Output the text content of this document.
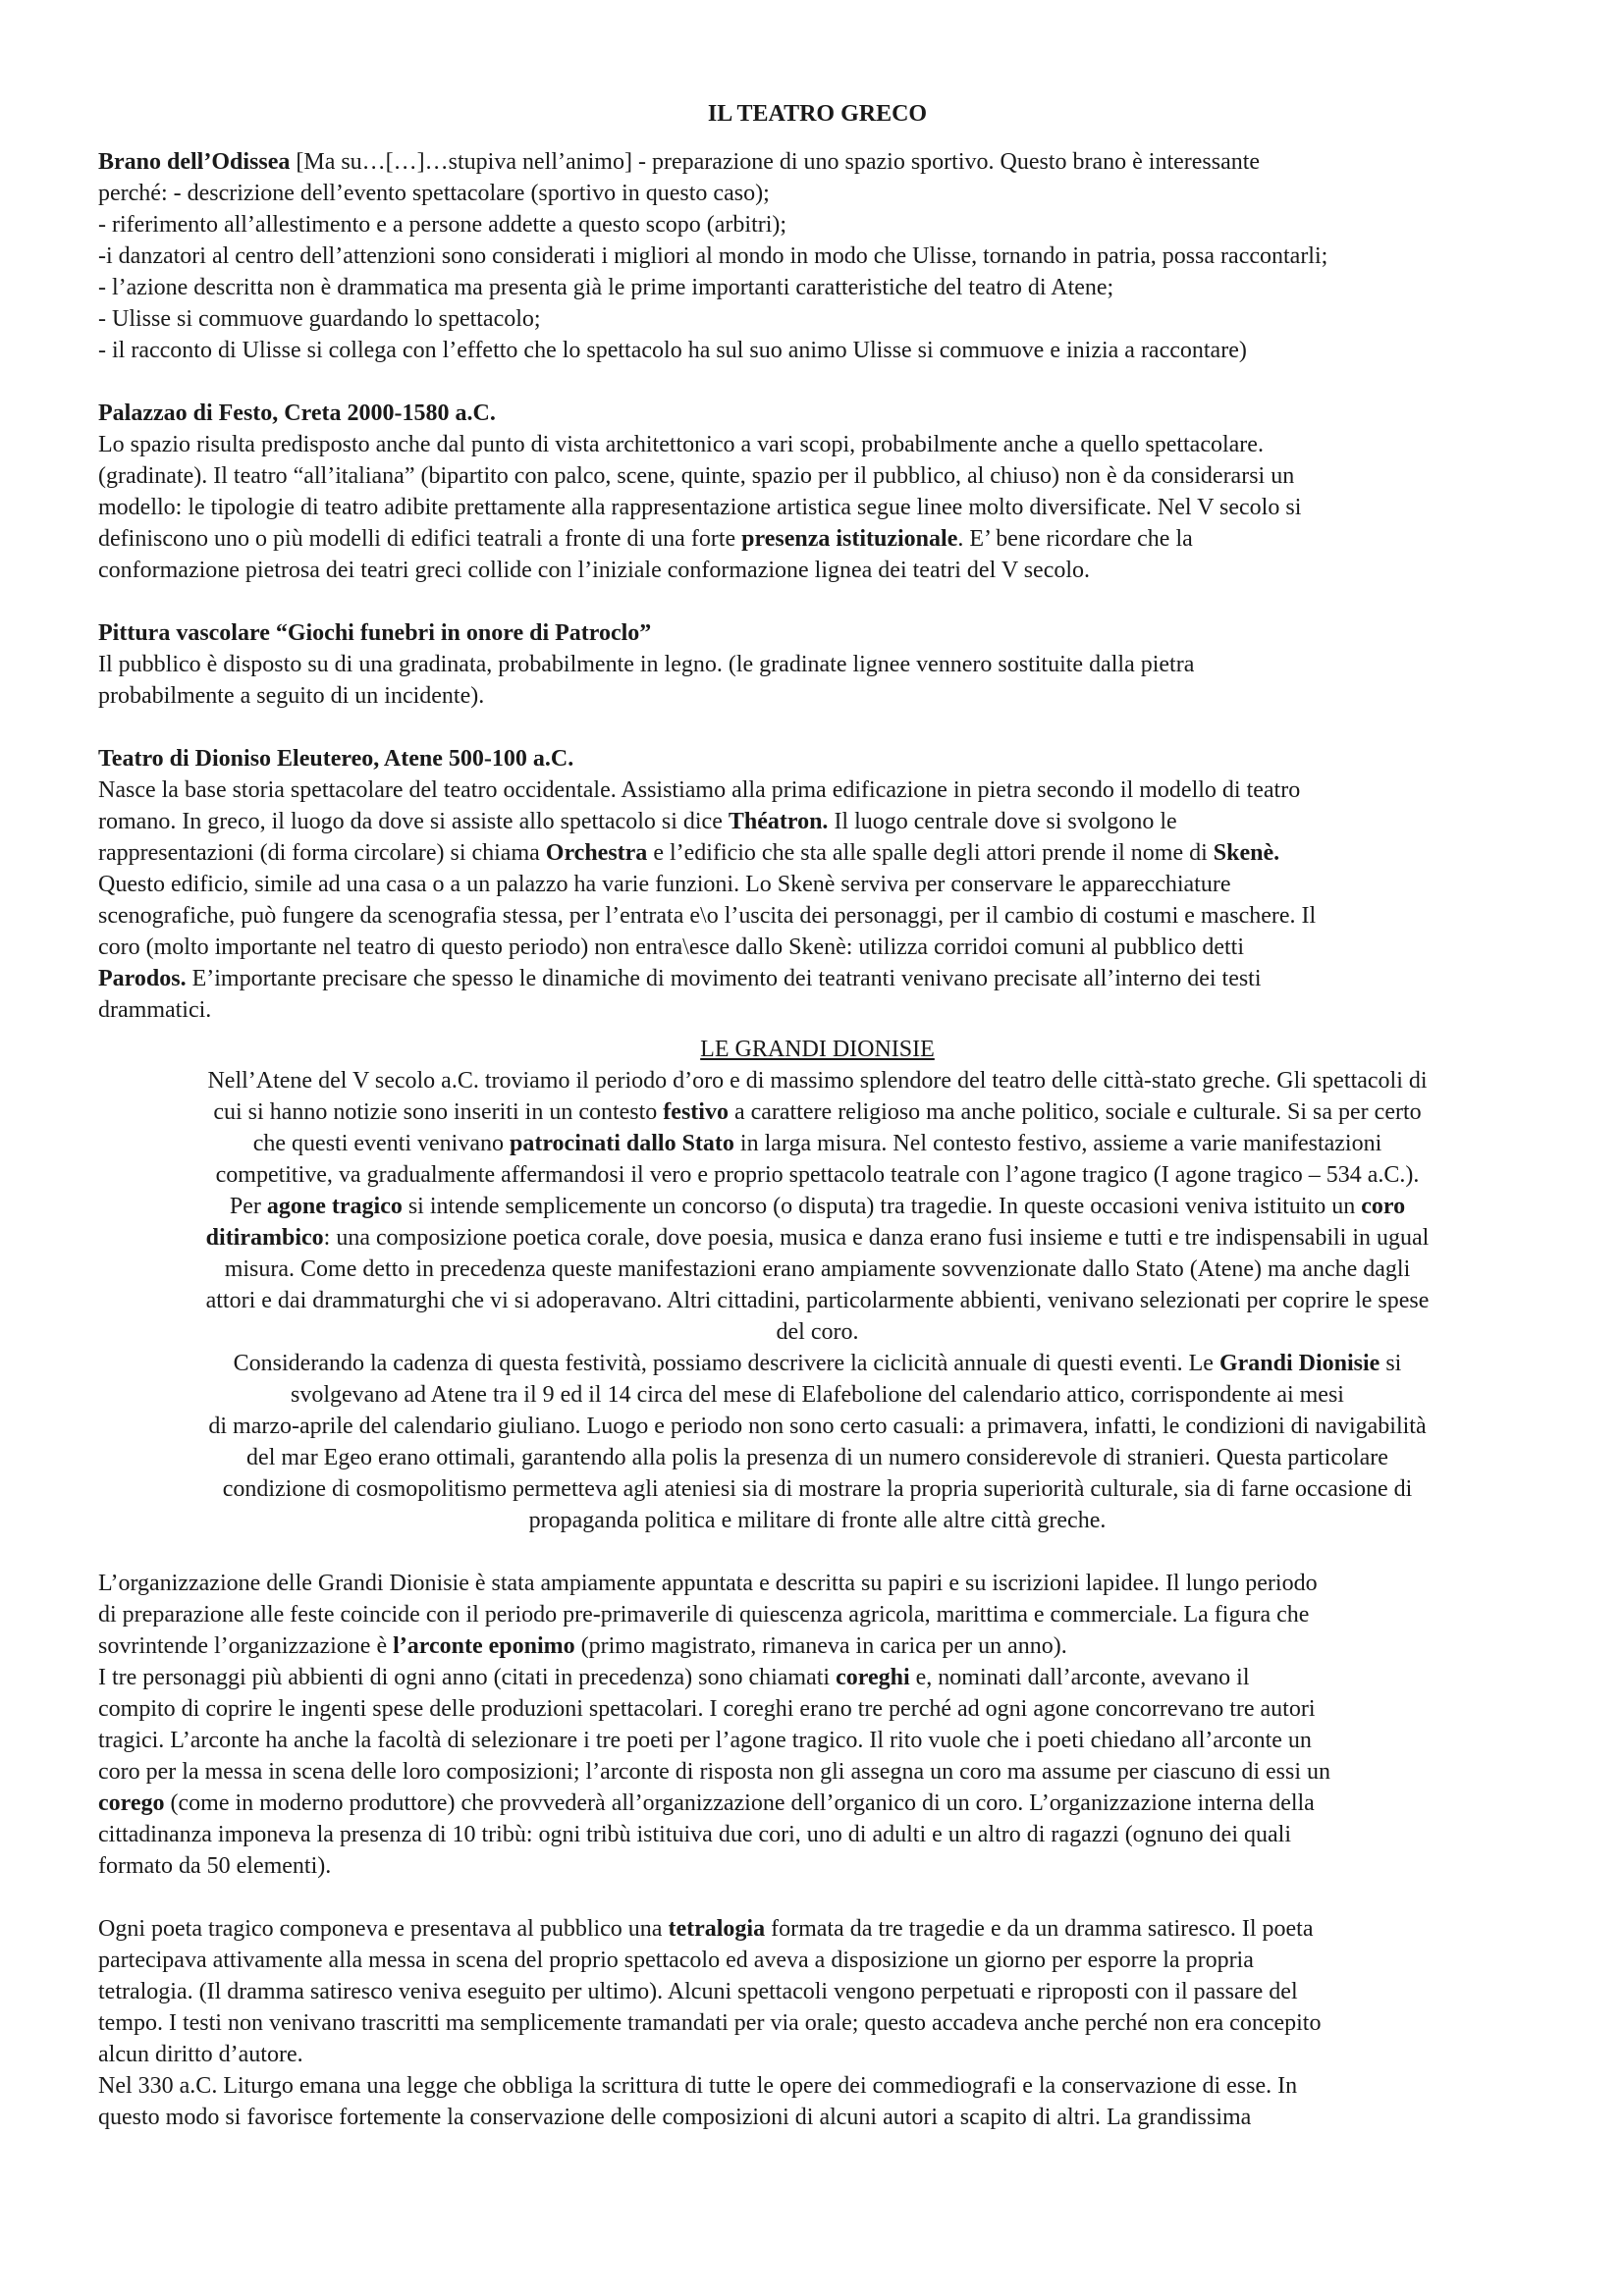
IL TEATRO GRECO

Brano dell’Odissea [Ma su…[…]…stupiva nell’animo] - preparazione di uno spazio sportivo. Questo brano è interessante

perché: - descrizione dell’evento spettacolare (sportivo in questo caso);

- riferimento all’allestimento e a persone addette a questo scopo (arbitri);

-i danzatori al centro dell’attenzioni sono considerati i migliori al mondo in modo che Ulisse, tornando in patria, possa raccontarli;

- l’azione descritta non è drammatica ma presenta già le prime importanti caratteristiche del teatro di Atene;

- Ulisse si commuove guardando lo spettacolo;

- il racconto di Ulisse si collega con l’effetto che lo spettacolo ha sul suo animo Ulisse si commuove e inizia a raccontare)

Palazzao di Festo, Creta 2000-1580 a.C.

Lo spazio risulta predisposto anche dal punto di vista architettonico a vari scopi, probabilmente anche a quello spettacolare.

(gradinate). Il teatro “all’italiana” (bipartito con palco, scene, quinte, spazio per il pubblico, al chiuso) non è da considerarsi un

modello: le tipologie di teatro adibite prettamente alla rappresentazione artistica segue linee molto diversificate. Nel V secolo si

definiscono uno o più modelli di edifici teatrali a fronte di una forte presenza istituzionale. E’ bene ricordare che la

conformazione pietrosa dei teatri greci collide con l’iniziale conformazione lignea dei teatri del V secolo.

Pittura vascolare “Giochi funebri in onore di Patroclo”

Il pubblico è disposto su di una gradinata, probabilmente in legno. (le gradinate lignee vennero sostituite dalla pietra

probabilmente a seguito di un incidente).

Teatro di Dioniso Eleutereo, Atene 500-100 a.C.

Nasce la base storia spettacolare del teatro occidentale. Assistiamo alla prima edificazione in pietra secondo il modello di teatro

romano. In greco, il luogo da dove si assiste allo spettacolo si dice Théatron. Il luogo centrale dove si svolgono le

rappresentazioni (di forma circolare) si chiama Orchestra e l’edificio che sta alle spalle degli attori prende il nome di Skenè.

Questo edificio, simile ad una casa o a un palazzo ha varie funzioni. Lo Skenè serviva per conservare le apparecchiature

scenografiche, può fungere da scenografia stessa, per l’entrata e\o l’uscita dei personaggi, per il cambio di costumi e maschere. Il

coro (molto importante nel teatro di questo periodo) non entra\esce dallo Skenè: utilizza corridoi comuni al pubblico detti

Parodos. E’importante precisare che spesso le dinamiche di movimento dei teatranti venivano precisate all’interno dei testi

drammatici.

LE GRANDI DIONISIE

Nell’Atene del V secolo a.C. troviamo il periodo d’oro e di massimo splendore del teatro delle città-stato greche. Gli spettacoli di

cui si hanno notizie sono inseriti in un contesto festivo a carattere religioso ma anche politico, sociale e culturale. Si sa per certo

che questi eventi venivano patrocinati dallo Stato in larga misura. Nel contesto festivo, assieme a varie manifestazioni

competitive, va gradualmente affermandosi il vero e proprio spettacolo teatrale con l’agone tragico (I agone tragico – 534 a.C.).

Per agone tragico si intende semplicemente un concorso (o disputa) tra tragedie. In queste occasioni veniva istituito un coro

ditirambico: una composizione poetica corale, dove poesia, musica e danza erano fusi insieme e tutti e tre indispensabili in ugual

misura. Come detto in precedenza queste manifestazioni erano ampiamente sovvenzionate dallo Stato (Atene) ma anche dagli

attori e dai drammaturghi che vi si adoperavano. Altri cittadini, particolarmente abbienti, venivano selezionati per coprire le spese

del coro.

Considerando la cadenza di questa festività, possiamo descrivere la ciclicità annuale di questi eventi. Le Grandi Dionisie si

svolgevano ad Atene tra il 9 ed il 14 circa del mese di Elafebolione del calendario attico, corrispondente ai mesi

di marzo-aprile del calendario giuliano. Luogo e periodo non sono certo casuali: a primavera, infatti, le condizioni di navigabilità

del mar Egeo erano ottimali, garantendo alla polis la presenza di un numero considerevole di stranieri. Questa particolare

condizione di cosmopolitismo permetteva agli ateniesi sia di mostrare la propria superiorità culturale, sia di farne occasione di

propaganda politica e militare di fronte alle altre città greche.

L’organizzazione delle Grandi Dionisie è stata ampiamente appuntata e descritta su papiri e su iscrizioni lapidee. Il lungo periodo

di preparazione alle feste coincide con il periodo pre-primaverile di quiescenza agricola, marittima e commerciale. La figura che

sovrintende l’organizzazione è l’arconte eponimo (primo magistrato, rimaneva in carica per un anno).

I tre personaggi più abbienti di ogni anno (citati in precedenza) sono chiamati coreghi e, nominati dall’arconte, avevano il

compito di coprire le ingenti spese delle produzioni spettacolari. I coreghi erano tre perché ad ogni agone concorrevano tre autori

tragici. L’arconte ha anche la facoltà di selezionare i tre poeti per l’agone tragico. Il rito vuole che i poeti chiedano all’arconte un

coro per la messa in scena delle loro composizioni; l’arconte di risposta non gli assegna un coro ma assume per ciascuno di essi un

corego (come in moderno produttore) che provvederà all’organizzazione dell’organico di un coro. L’organizzazione interna della

cittadinanza imponeva la presenza di 10 tribù: ogni tribù istituiva due cori, uno di adulti e un altro di ragazzi (ognuno dei quali

formato da 50 elementi).

Ogni poeta tragico componeva e presentava al pubblico una tetralogia formata da tre tragedie e da un dramma satiresco. Il poeta

partecipava attivamente alla messa in scena del proprio spettacolo ed aveva a disposizione un giorno per esporre la propria

tetralogia. (Il dramma satiresco veniva eseguito per ultimo). Alcuni spettacoli vengono perpetuati e riproposti con il passare del

tempo. I testi non venivano trascritti ma semplicemente tramandati per via orale; questo accadeva anche perché non era concepito

alcun diritto d’autore.

Nel 330 a.C. Liturgo emana una legge che obbliga la scrittura di tutte le opere dei commediografi e la conservazione di esse. In

questo modo si favorisce fortemente la conservazione delle composizioni di alcuni autori a scapito di altri. La grandissima
